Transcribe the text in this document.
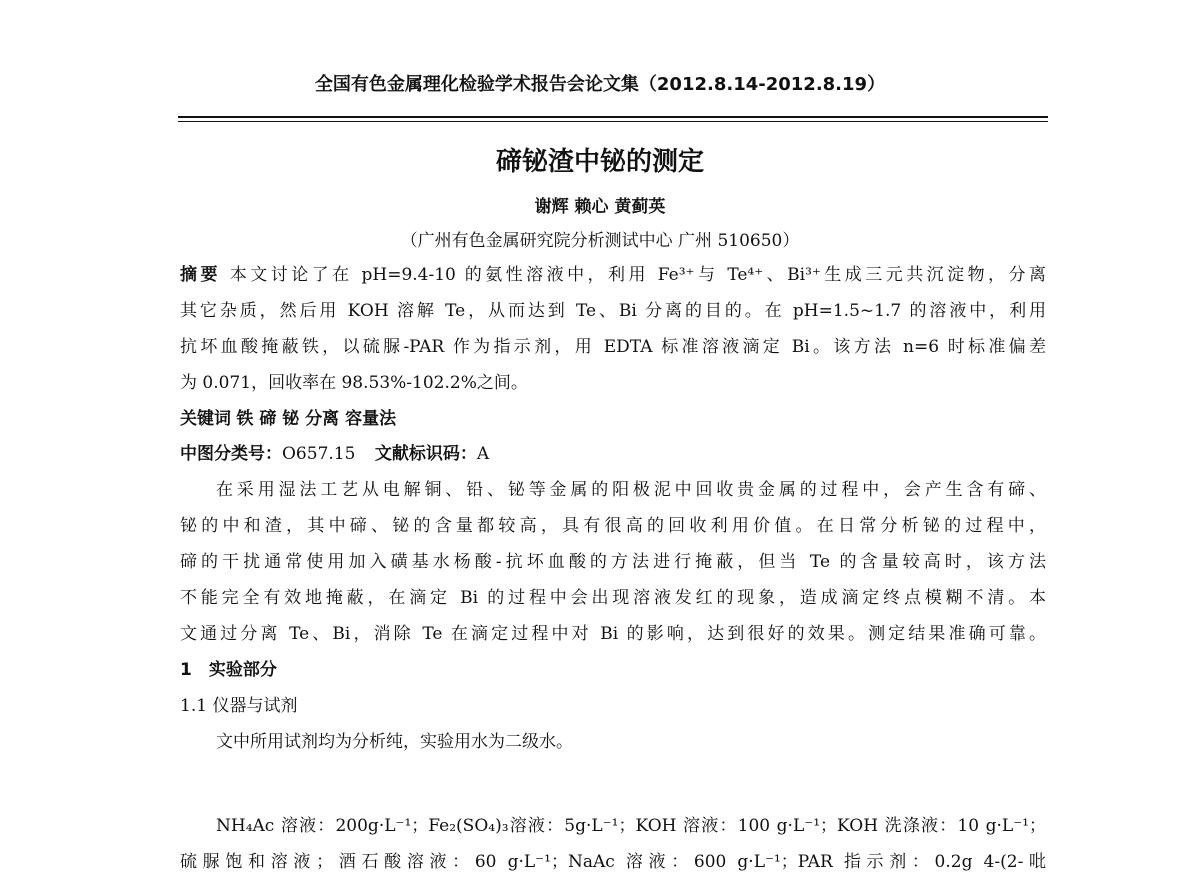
全国有色金属理化检验学术报告会论文集（2012.8.14-2012.8.19）
碲铋渣中铋的测定
谢辉 赖心 黄蓟英
（广州有色金属研究院分析测试中心 广州 510650）
摘要 本文讨论了在 pH=9.4-10 的氨性溶液中，利用 Fe³⁺与 Te⁴⁺、Bi³⁺生成三元共沉淀物，分离
其它杂质，然后用 KOH 溶解 Te，从而达到 Te、Bi 分离的目的。在 pH=1.5~1.7 的溶液中，利用
抗坏血酸掩蔽铁，以硫脲-PAR 作为指示剂，用 EDTA 标准溶液滴定 Bi。该方法 n=6 时标准偏差
为 0.071，回收率在 98.53%-102.2%之间。
关键词 铁 碲 铋 分离 容量法
中图分类号：O657.15 文献标识码：A
在采用湿法工艺从电解铜、铅、铋等金属的阳极泥中回收贵金属的过程中，会产生含有碲、
铋的中和渣，其中碲、铋的含量都较高，具有很高的回收利用价值。在日常分析铋的过程中，
碲的干扰通常使用加入磺基水杨酸-抗坏血酸的方法进行掩蔽，但当 Te 的含量较高时，该方法
不能完全有效地掩蔽，在滴定 Bi 的过程中会出现溶液发红的现象，造成滴定终点模糊不清。本
文通过分离 Te、Bi，消除 Te 在滴定过程中对 Bi 的影响，达到很好的效果。测定结果准确可靠。
1　实验部分
1.1 仪器与试剂
文中所用试剂均为分析纯，实验用水为二级水。
NH₄Ac 溶液：200g·L⁻¹；Fe₂(SO₄)₃溶液：5g·L⁻¹；KOH 溶液：100 g·L⁻¹；KOH 洗涤液：10 g·L⁻¹；
硫脲饱和溶液；酒石酸溶液：60 g·L⁻¹；NaAc 溶液：600 g·L⁻¹；PAR 指示剂：0.2g 4-(2-吡
